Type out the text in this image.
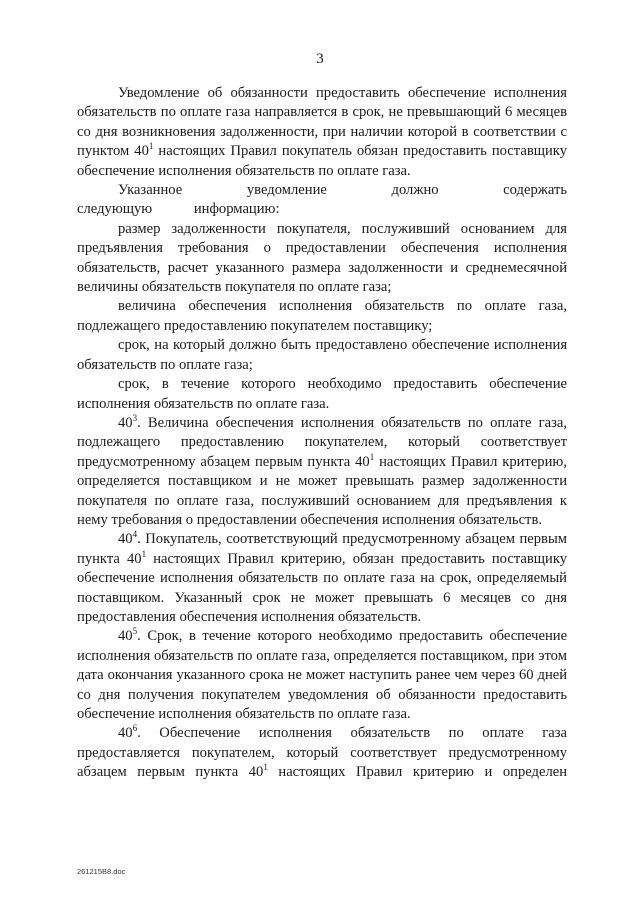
3

Уведомление об обязанности предоставить обеспечение исполнения обязательств по оплате газа направляется в срок, не превышающий 6 месяцев со дня возникновения задолженности, при наличии которой в соответствии с пунктом $40^1$ настоящих Правил покупатель обязан предоставить поставщику обеспечение исполнения обязательств по оплате газа.

Указанное	уведомление	должно	содержать следующую	информацию:

размер задолженности покупателя, послуживший основанием для предъявления требования о предоставлении обеспечения исполнения обязательств, расчет указанного размера задолженности и среднемесячной величины обязательств покупателя по оплате газа;

величина обеспечения исполнения обязательств по оплате газа, подлежащего предоставлению покупателем поставщику;

срок, на который должно быть предоставлено обеспечение исполнения обязательств по оплате газа;

срок, в течение которого необходимо предоставить обеспечение исполнения обязательств по оплате газа.

$40^3$. Величина обеспечения исполнения обязательств по оплате газа, подлежащего предоставлению покупателем, который соответствует предусмотренному абзацем первым пункта $40^1$ настоящих Правил критерию, определяется поставщиком и не может превышать размер задолженности покупателя по оплате газа, послуживший основанием для предъявления к нему требования о предоставлении обеспечения исполнения обязательств.

$40^4$. Покупатель, соответствующий предусмотренному абзацем первым пункта $40^1$ настоящих Правил критерию, обязан предоставить поставщику обеспечение исполнения обязательств по оплате газа на срок, определяемый поставщиком. Указанный срок не может превышать 6 месяцев со дня предоставления обеспечения исполнения обязательств.

$40^5$. Срок, в течение которого необходимо предоставить обеспечение исполнения обязательств по оплате газа, определяется поставщиком, при этом дата окончания указанного срока не может наступить ранее чем через 60 дней со дня получения покупателем уведомления об обязанности предоставить обеспечение исполнения обязательств по оплате газа.

$40^6$. Обеспечение исполнения обязательств по оплате газа предоставляется покупателем, который соответствует предусмотренному абзацем первым пункта $40^1$ настоящих Правил критерию и определен

261215B8.doc
